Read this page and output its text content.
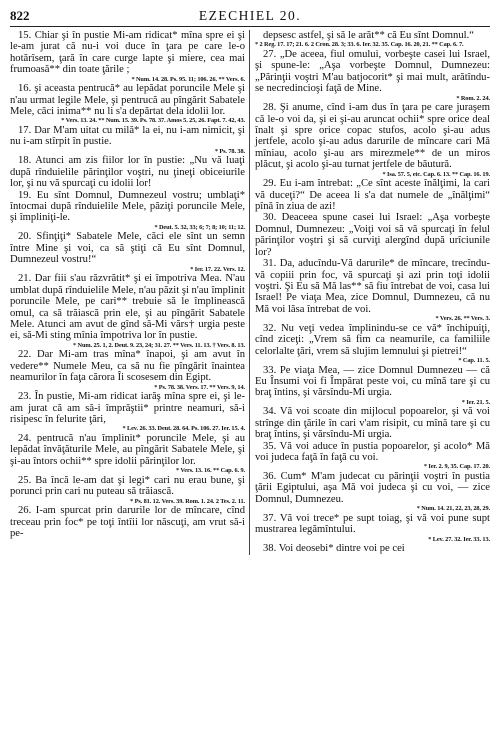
822	EZECHIEL 20.

15. Chiar şi în pustie Mi-am ridicat* mîna spre ei şi le-am jurat că nu-i voi duce în ţara pe care le-o hotărîsem, ţară în care curge lapte şi miere, cea mai frumoasă** din toate ţările ;
* Num. 14. 28. Ps. 95. 11; 106. 26. ** Vers. 6.

16. şi aceasta pentrucă* au lepădat poruncile Mele şi n'au urmat legile Mele, şi pentrucă au pîngărit Sabatele Mele, căci inima** nu li s'a depărtat dela idolii lor.
* Vers. 13. 24. ** Num. 15. 39. Ps. 78. 37. Amos 5. 25, 26. Fapt. 7. 42, 43.

17. Dar M'am uitat cu milă* la ei, nu i-am nimicit, şi nu i-am stîrpit în pustie.
* Ps. 78. 38.

18. Atunci am zis fiilor lor în pustie: „Nu vă luaţi după rînduielile părinţilor voştri, nu ţineţi obiceiurile lor, şi nu vă spurcaţi cu idolii lor!

19. Eu sînt Domnul, Dumnezeul vostru; umblaţi* întocmai după rînduielile Mele, păziţi poruncile Mele, şi împliniţi-le.
* Deut. 5. 32, 33; 6; 7; 8; 10; 11; 12.

20. Sfinţiţi* Sabatele Mele, căci ele sînt un semn între Mine şi voi, ca să ştiţi că Eu sînt Domnul, Dumnezeul vostru!“
* Ier. 17. 22. Vers. 12.

21. Dar fiii s'au răzvrătit* şi ei împotriva Mea. N'au umblat după rînduielile Mele, n'au păzit şi n'au împlinit poruncile Mele, pe cari** trebuie să le împlinească omul, ca să trăiască prin ele, şi au pîngărit Sabatele Mele. Atunci am avut de gînd să-Mi vărs† urgia peste ei, să-Mi sting mînia împotriva lor în pustie.
* Num. 25. 1, 2. Deut. 9. 23, 24; 31. 27. ** Vers. 11. 13. † Vers. 8. 13.

22. Dar Mi-am tras mîna* înapoi, şi am avut în vedere** Numele Meu, ca să nu fie pîngărit înaintea neamurilor în faţa cărora Îi scosesem din Egipt.
* Ps. 78. 38. Vers. 17. ** Vers. 9, 14.

23. În pustie, Mi-am ridicat iarăş mîna spre ei, şi le-am jurat că am să-i împrăştii* printre neamuri, să-i risipesc în felurite ţări,
* Lev. 26. 33. Deut. 28. 64. Ps. 106. 27. Ier. 15. 4.

24. pentrucă n'au împlinit* poruncile Mele, şi au lepădat învăţăturile Mele, au pîngărit Sabatele Mele, şi şi-au întors ochii** spre idolii părinţilor lor.
* Vers. 13. 16. ** Cap. 6. 9.

25. Ba încă le-am dat şi legi* cari nu erau bune, şi porunci prin cari nu puteau să trăiască.
* Ps. 81. 12. Vers. 39. Rom. 1. 24. 2 Tes. 2. 11.

26. I-am spurcat prin darurile lor de mîncare, cînd treceau prin foc* pe toţi întîii lor născuţi, am vrut să-i pe-

depsesc astfel, şi să le arăt** că Eu sînt Domnul.“
* 2 Reg. 17. 17; 21. 6. 2 Cron. 28. 3; 33. 6. Ier. 32. 35. Cap. 16. 20, 21. ** Cap. 6. 7.

27. „De aceea, fiul omului, vorbeşte casei lui Israel, şi spune-le: „Aşa vorbeşte Domnul, Dumnezeu: „Părinţii voştri M'au batjocorit* şi mai mult, arătîndu-se necredincioşi faţă de Mine.
* Rom. 2. 24.

28. Şi anume, cînd i-am dus în ţara pe care juraşem că le-o voi da, şi ei şi-au aruncat ochii* spre orice deal înalt şi spre orice copac stufos, acolo şi-au adus jertfele, acolo şi-au adus darurile de mîncare cari Mă mîniau, acolo şi-au ars mirezmele** de un miros plăcut, şi acolo şi-au turnat jertfele de băutură.
* Isa. 57. 5, etc. Cap. 6. 13. ** Cap. 16. 19.

29. Eu i-am întrebat: „Ce sînt aceste înălţimi, la cari vă duceţi?“ De aceea li s'a dat numele de „înălţimi“ pînă în ziua de azi!

30. Deaceea spune casei lui Israel: „Aşa vorbeşte Domnul, Dumnezeu: „Voiţi voi să vă spurcaţi în felul părinţilor voştri şi să curviţi alergînd după urîciunile lor?

31. Da, aducîndu-Vă darurile* de mîncare, trecîndu-vă copiii prin foc, vă spurcaţi şi azi prin toţi idolii voştri. Şi Eu să Mă las** să fiu întrebat de voi, casa lui Israel! Pe viaţa Mea, zice Domnul, Dumnezeu, că nu Mă voi lăsa întrebat de voi.
* Vers. 26. ** Vers. 3.

32. Nu veţi vedea împlinindu-se ce vă* închipuiţi, cînd ziceţi: „Vrem să fim ca neamurile, ca familiile celorlalte ţări, vrem să slujim lemnului şi pietrei!“
* Cap. 11. 5.

33. Pe viaţa Mea, — zice Domnul Dumnezeu — că Eu Însumi voi fi Împărat peste voi, cu mînă tare şi cu braţ întins, şi vărsîndu-Mi urgia.
* Ier. 21. 5.

34. Vă voi scoate din mijlocul popoarelor, şi vă voi strînge din ţările în cari v'am risipit, cu mînă tare şi cu braţ întins, şi vărsîndu-Mi urgia.

35. Vă voi aduce în pustia popoarelor, şi acolo* Mă voi judeca faţă în faţă cu voi.
* Ier. 2. 9, 35. Cap. 17. 20.

36. Cum* M'am judecat cu părinţii voştri în pustia ţării Egiptului, aşa Mă voi judeca şi cu voi, — zice Domnul, Dumnezeu.
* Num. 14. 21, 22, 23, 28, 29.

37. Vă voi trece* pe supt toiag, şi vă voi pune supt mustrarea legămîntului.
* Lev. 27. 32. Ier. 33. 13.

38. Voi deosebi* dintre voi pe cei
